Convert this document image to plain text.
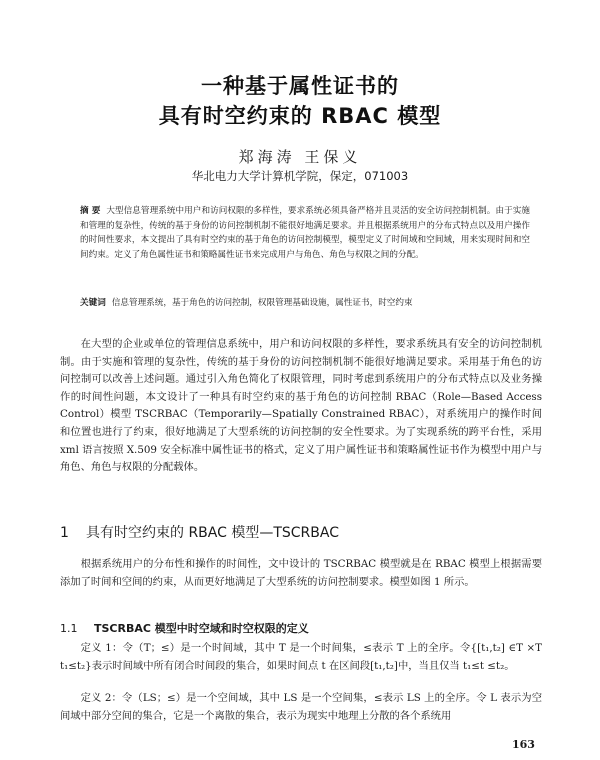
一种基于属性证书的
具有时空约束的 RBAC 模型
郑海涛 王保义
华北电力大学计算机学院，保定，071003
摘 要 大型信息管理系统中用户和访问权限的多样性，要求系统必须具备严格并且灵活的安全访问控制机制。由于实施和管理的复杂性，传统的基于身份的访问控制机制不能很好地满足要求。并且根据系统用户的分布式特点以及用户操作的时间性要求，本文提出了具有时空约束的基于角色的访问控制模型，模型定义了时间域和空间域，用来实现时间和空间约束。定义了角色属性证书和策略属性证书来完成用户与角色、角色与权限之间的分配。
关键词 信息管理系统，基于角色的访问控制，权限管理基础设施，属性证书，时空约束
在大型的企业或单位的管理信息系统中，用户和访问权限的多样性，要求系统具有安全的访问控制机制。由于实施和管理的复杂性，传统的基于身份的访问控制机制不能很好地满足要求。采用基于角色的访问控制可以改善上述问题。通过引入角色简化了权限管理，同时考虑到系统用户的分布式特点以及业务操作的时间性问题，本文设计了一种具有时空约束的基于角色的访问控制 RBAC（Role—Based Access Control）模型 TSCRBAC（Temporarily—Spatially Constrained RBAC），对系统用户的操作时间和位置也进行了约束，很好地满足了大型系统的访问控制的安全性要求。为了实现系统的跨平台性，采用 xml 语言按照 X.509 安全标准中属性证书的格式，定义了用户属性证书和策略属性证书作为模型中用户与角色、角色与权限的分配载体。
1 具有时空约束的 RBAC 模型—TSCRBAC
根据系统用户的分布性和操作的时间性，文中设计的 TSCRBAC 模型就是在 RBAC 模型上根据需要添加了时间和空间的约束，从而更好地满足了大型系统的访问控制要求。模型如图 1 所示。
1.1 TSCRBAC 模型中时空域和时空权限的定义
定义 1：令（T；≤）是一个时间域，其中 T 是一个时间集，≤表示 T 上的全序。令{[t₁,t₂] ∈T ×T t₁≤t₂}表示时间域中所有闭合时间段的集合，如果时间点 t 在区间段[t₁,t₂]中，当且仅当 t₁≤t ≤t₂。
定义 2：令（LS；≤）是一个空间域，其中 LS 是一个空间集，≤表示 LS 上的全序。令 L 表示为空间域中部分空间的集合，它是一个离散的集合，表示为现实中地理上分散的各个系统用
163
